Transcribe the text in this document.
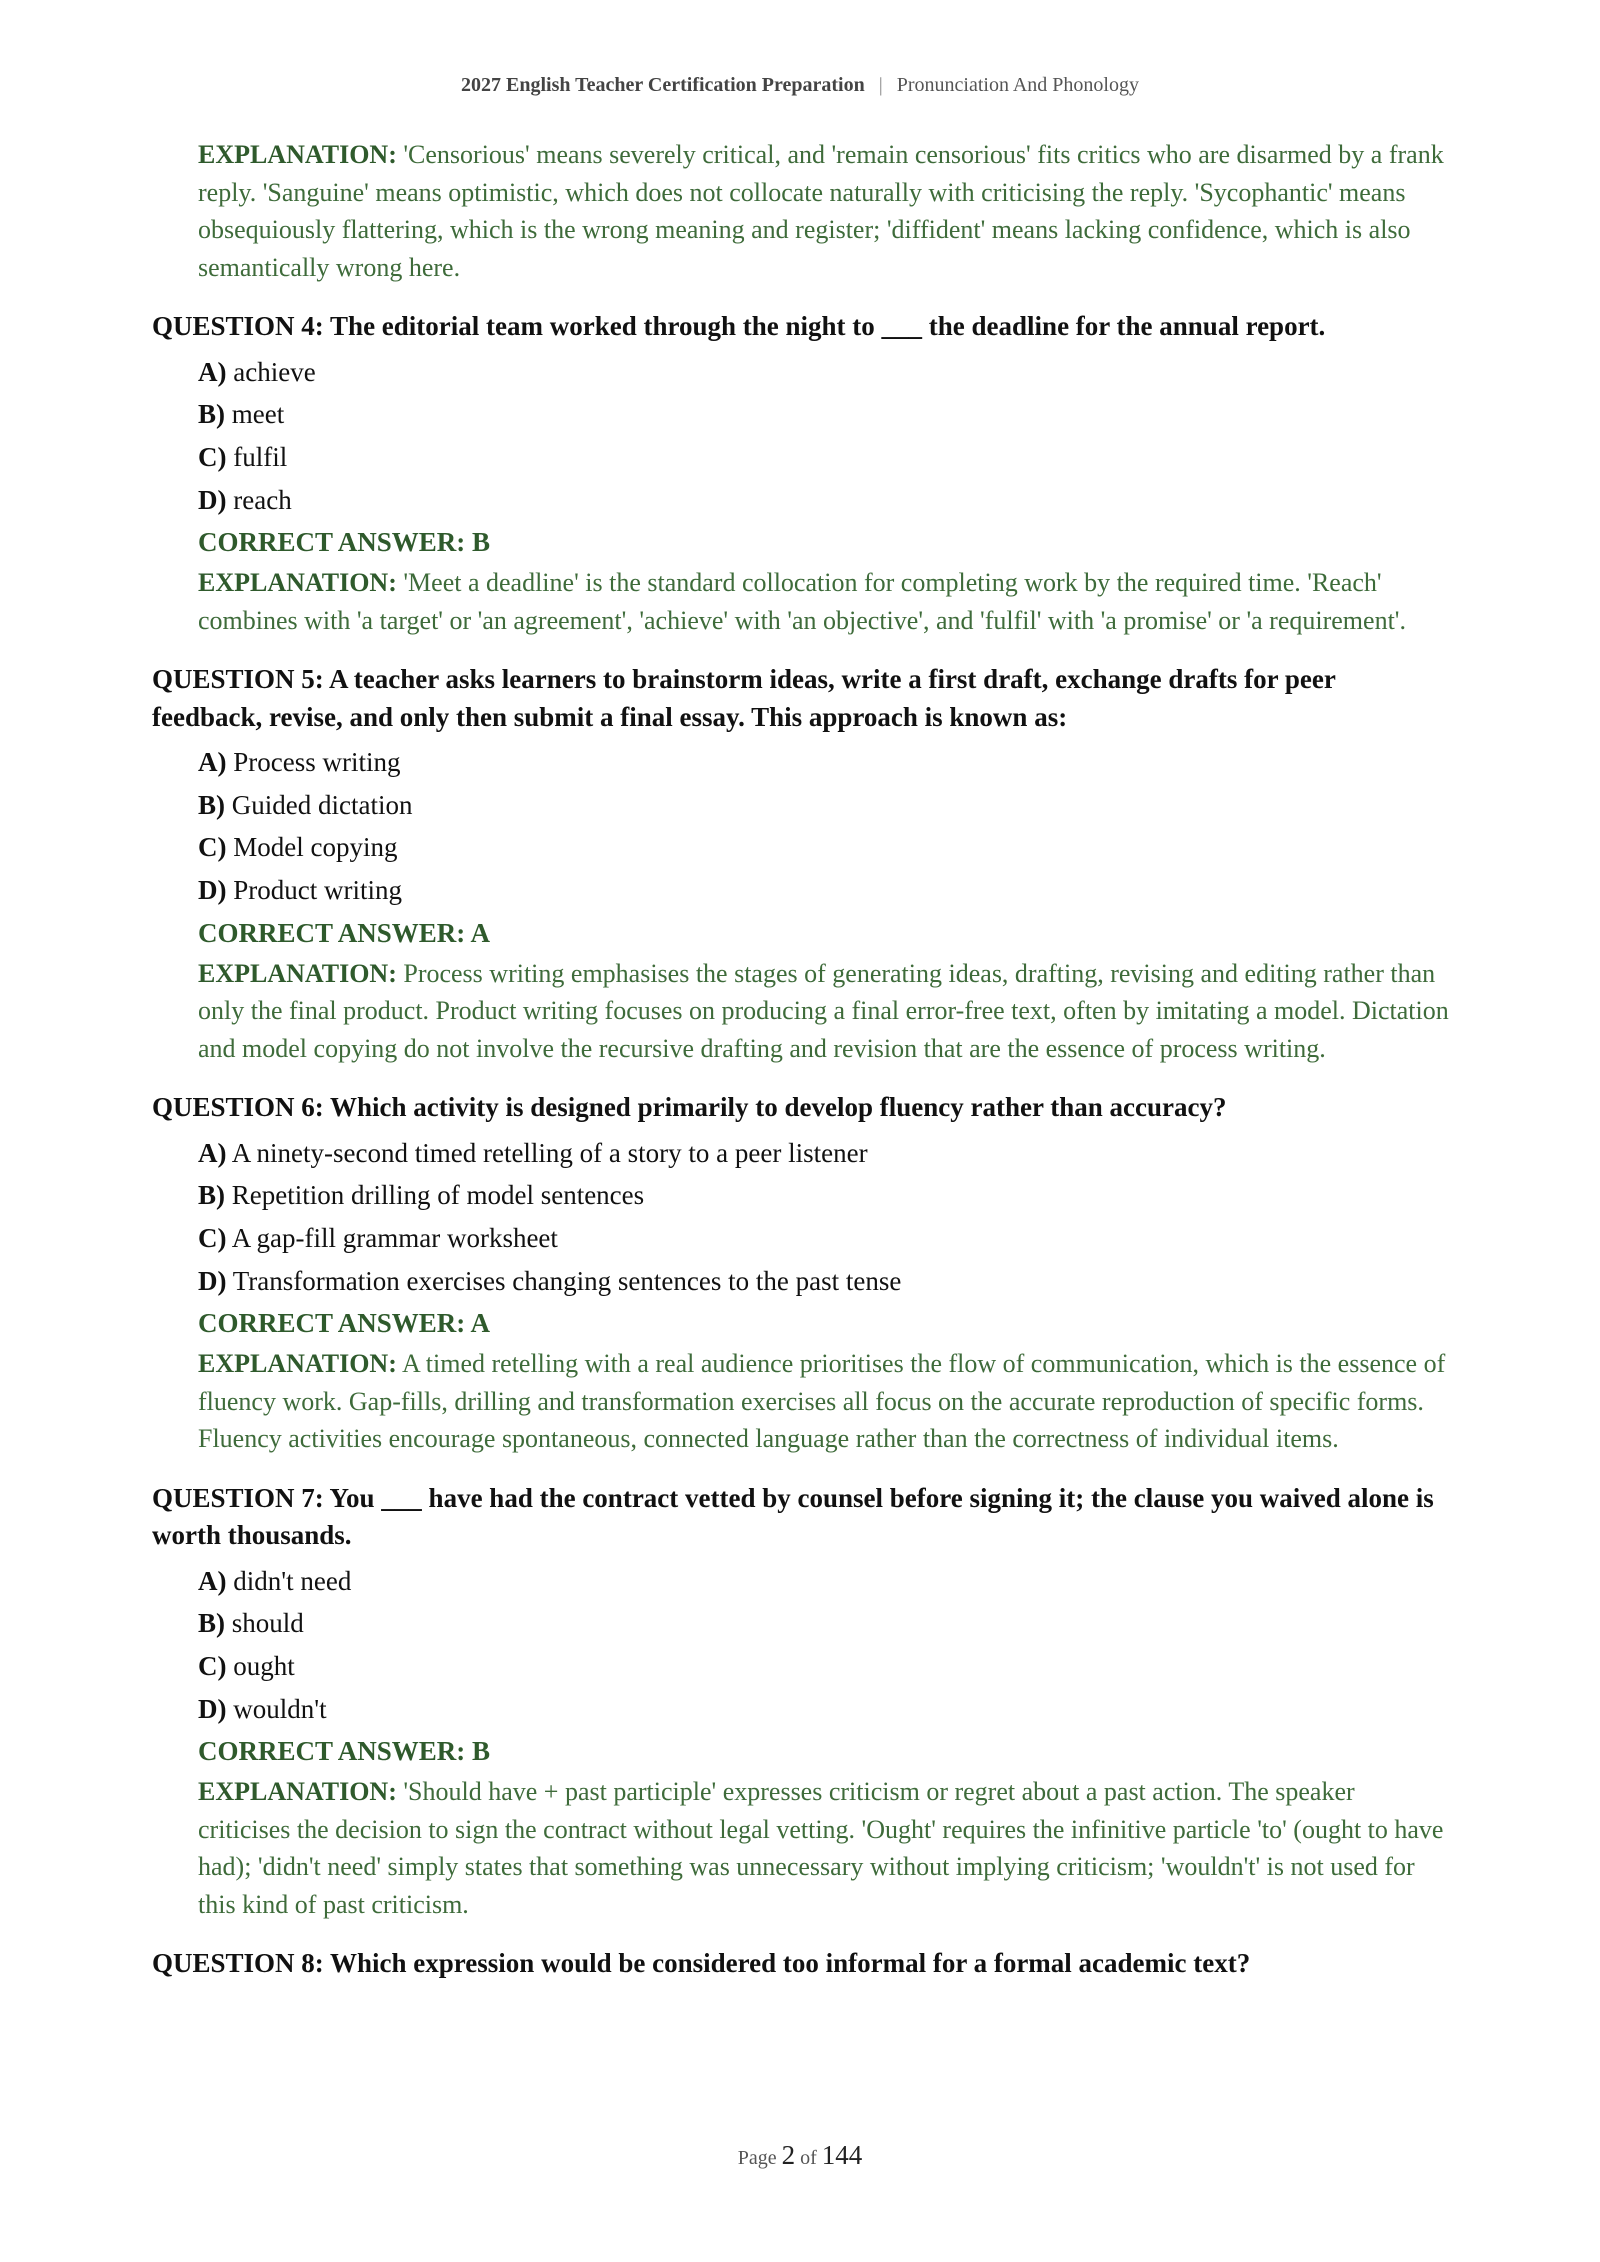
2027 English Teacher Certification Preparation | Pronunciation And Phonology
EXPLANATION: 'Censorious' means severely critical, and 'remain censorious' fits critics who are disarmed by a frank reply. 'Sanguine' means optimistic, which does not collocate naturally with criticising the reply. 'Sycophantic' means obsequiously flattering, which is the wrong meaning and register; 'diffident' means lacking confidence, which is also semantically wrong here.
QUESTION 4: The editorial team worked through the night to ___ the deadline for the annual report.
A) achieve
B) meet
C) fulfil
D) reach
CORRECT ANSWER: B
EXPLANATION: 'Meet a deadline' is the standard collocation for completing work by the required time. 'Reach' combines with 'a target' or 'an agreement', 'achieve' with 'an objective', and 'fulfil' with 'a promise' or 'a requirement'.
QUESTION 5: A teacher asks learners to brainstorm ideas, write a first draft, exchange drafts for peer feedback, revise, and only then submit a final essay. This approach is known as:
A) Process writing
B) Guided dictation
C) Model copying
D) Product writing
CORRECT ANSWER: A
EXPLANATION: Process writing emphasises the stages of generating ideas, drafting, revising and editing rather than only the final product. Product writing focuses on producing a final error-free text, often by imitating a model. Dictation and model copying do not involve the recursive drafting and revision that are the essence of process writing.
QUESTION 6: Which activity is designed primarily to develop fluency rather than accuracy?
A) A ninety-second timed retelling of a story to a peer listener
B) Repetition drilling of model sentences
C) A gap-fill grammar worksheet
D) Transformation exercises changing sentences to the past tense
CORRECT ANSWER: A
EXPLANATION: A timed retelling with a real audience prioritises the flow of communication, which is the essence of fluency work. Gap-fills, drilling and transformation exercises all focus on the accurate reproduction of specific forms. Fluency activities encourage spontaneous, connected language rather than the correctness of individual items.
QUESTION 7: You ___ have had the contract vetted by counsel before signing it; the clause you waived alone is worth thousands.
A) didn't need
B) should
C) ought
D) wouldn't
CORRECT ANSWER: B
EXPLANATION: 'Should have + past participle' expresses criticism or regret about a past action. The speaker criticises the decision to sign the contract without legal vetting. 'Ought' requires the infinitive particle 'to' (ought to have had); 'didn't need' simply states that something was unnecessary without implying criticism; 'wouldn't' is not used for this kind of past criticism.
QUESTION 8: Which expression would be considered too informal for a formal academic text?
Page 2 of 144
